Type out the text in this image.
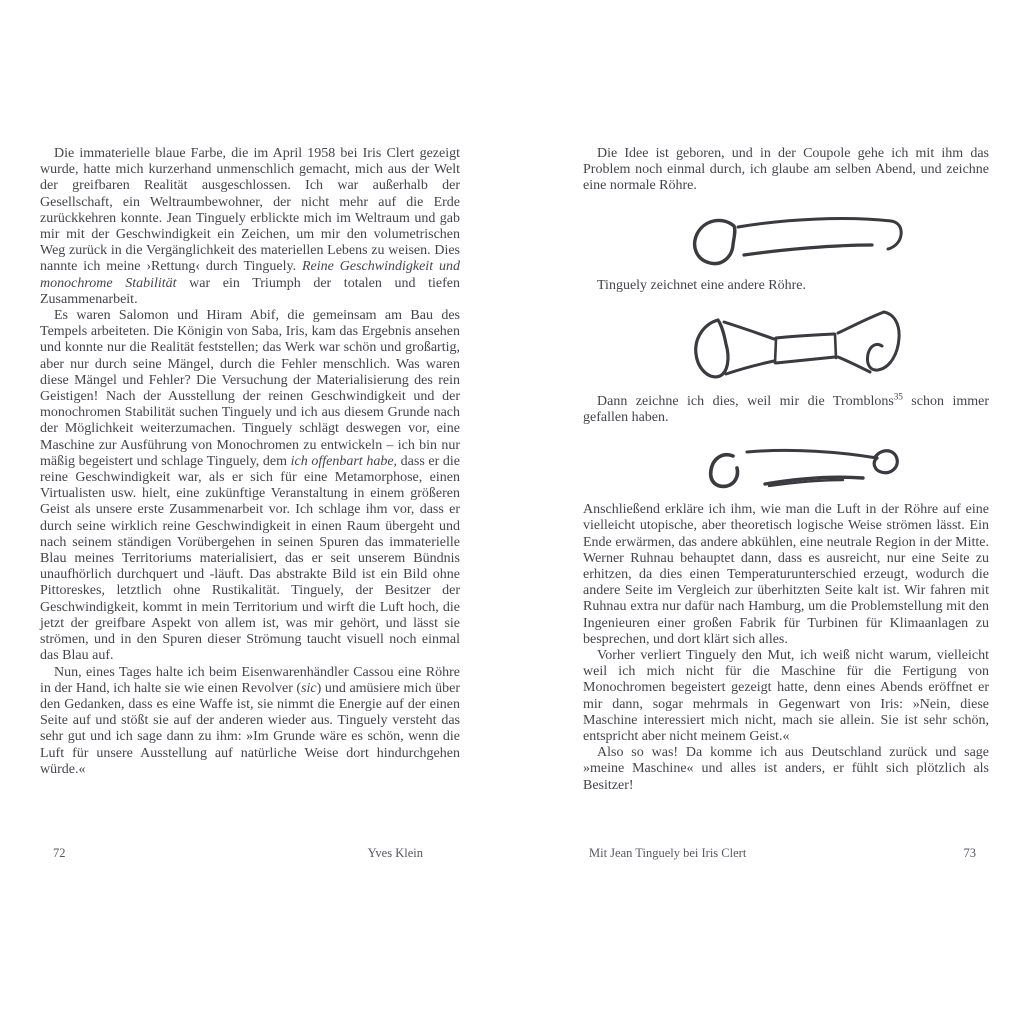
Die immaterielle blaue Farbe, die im April 1958 bei Iris Clert gezeigt wurde, hatte mich kurzerhand unmenschlich gemacht, mich aus der Welt der greifbaren Realität ausgeschlossen. Ich war außerhalb der Gesellschaft, ein Weltraumbewohner, der nicht mehr auf die Erde zurückkehren konnte. Jean Tinguely erblickte mich im Weltraum und gab mir mit der Geschwindigkeit ein Zeichen, um mir den volumetrischen Weg zurück in die Vergänglichkeit des materiellen Lebens zu weisen. Dies nannte ich meine ›Rettung‹ durch Tinguely. Reine Geschwindigkeit und monochrome Stabilität war ein Triumph der totalen und tiefen Zusammenarbeit.

Es waren Salomon und Hiram Abif, die gemeinsam am Bau des Tempels arbeiteten. Die Königin von Saba, Iris, kam das Ergebnis ansehen und konnte nur die Realität feststellen; das Werk war schön und großartig, aber nur durch seine Mängel, durch die Fehler menschlich. Was waren diese Mängel und Fehler? Die Versuchung der Materialisierung des rein Geistigen! Nach der Ausstellung der reinen Geschwindigkeit und der monochromen Stabilität suchen Tinguely und ich aus diesem Grunde nach der Möglichkeit weiterzumachen. Tinguely schlägt deswegen vor, eine Maschine zur Ausführung von Monochromen zu entwickeln – ich bin nur mäßig begeistert und schlage Tinguely, dem ich offenbart habe, dass er die reine Geschwindigkeit war, als er sich für eine Metamorphose, einen Virtualisten usw. hielt, eine zukünftige Veranstaltung in einem größeren Geist als unsere erste Zusammenarbeit vor. Ich schlage ihm vor, dass er durch seine wirklich reine Geschwindigkeit in einen Raum übergeht und nach seinem ständigen Vorübergehen in seinen Spuren das immaterielle Blau meines Territoriums materialisiert, das er seit unserem Bündnis unaufhörlich durchquert und -läuft. Das abstrakte Bild ist ein Bild ohne Pittoreskes, letztlich ohne Rustikalität. Tinguely, der Besitzer der Geschwindigkeit, kommt in mein Territorium und wirft die Luft hoch, die jetzt der greifbare Aspekt von allem ist, was mir gehört, und lässt sie strömen, und in den Spuren dieser Strömung taucht visuell noch einmal das Blau auf.

Nun, eines Tages halte ich beim Eisenwarenhändler Cassou eine Röhre in der Hand, ich halte sie wie einen Revolver (sic) und amüsiere mich über den Gedanken, dass es eine Waffe ist, sie nimmt die Energie auf der einen Seite auf und stößt sie auf der anderen wieder aus. Tinguely versteht das sehr gut und ich sage dann zu ihm: »Im Grunde wäre es schön, wenn die Luft für unsere Ausstellung auf natürliche Weise dort hindurchgehen würde.«

Die Idee ist geboren, und in der Coupole gehe ich mit ihm das Problem noch einmal durch, ich glaube am selben Abend, und zeichne eine normale Röhre.

Tinguely zeichnet eine andere Röhre.

Dann zeichne ich dies, weil mir die Tromblons$^{35}$ schon immer gefallen haben.

Anschließend erkläre ich ihm, wie man die Luft in der Röhre auf eine vielleicht utopische, aber theoretisch logische Weise strömen lässt. Ein Ende erwärmen, das andere abkühlen, eine neutrale Region in der Mitte. Werner Ruhnau behauptet dann, dass es ausreicht, nur eine Seite zu erhitzen, da dies einen Temperaturunterschied erzeugt, wodurch die andere Seite im Vergleich zur überhitzten Seite kalt ist. Wir fahren mit Ruhnau extra nur dafür nach Hamburg, um die Problemstellung mit den Ingenieuren einer großen Fabrik für Turbinen für Klimaanlagen zu besprechen, und dort klärt sich alles.

Vorher verliert Tinguely den Mut, ich weiß nicht warum, vielleicht weil ich mich nicht für die Maschine für die Fertigung von Monochromen begeistert gezeigt hatte, denn eines Abends eröffnet er mir dann, sogar mehrmals in Gegenwart von Iris: »Nein, diese Maschine interessiert mich nicht, mach sie allein. Sie ist sehr schön, entspricht aber nicht meinem Geist.«

Also so was! Da komme ich aus Deutschland zurück und sage »meine Maschine« und alles ist anders, er fühlt sich plötzlich als Besitzer!

72	Yves Klein	Mit Jean Tinguely bei Iris Clert	73
